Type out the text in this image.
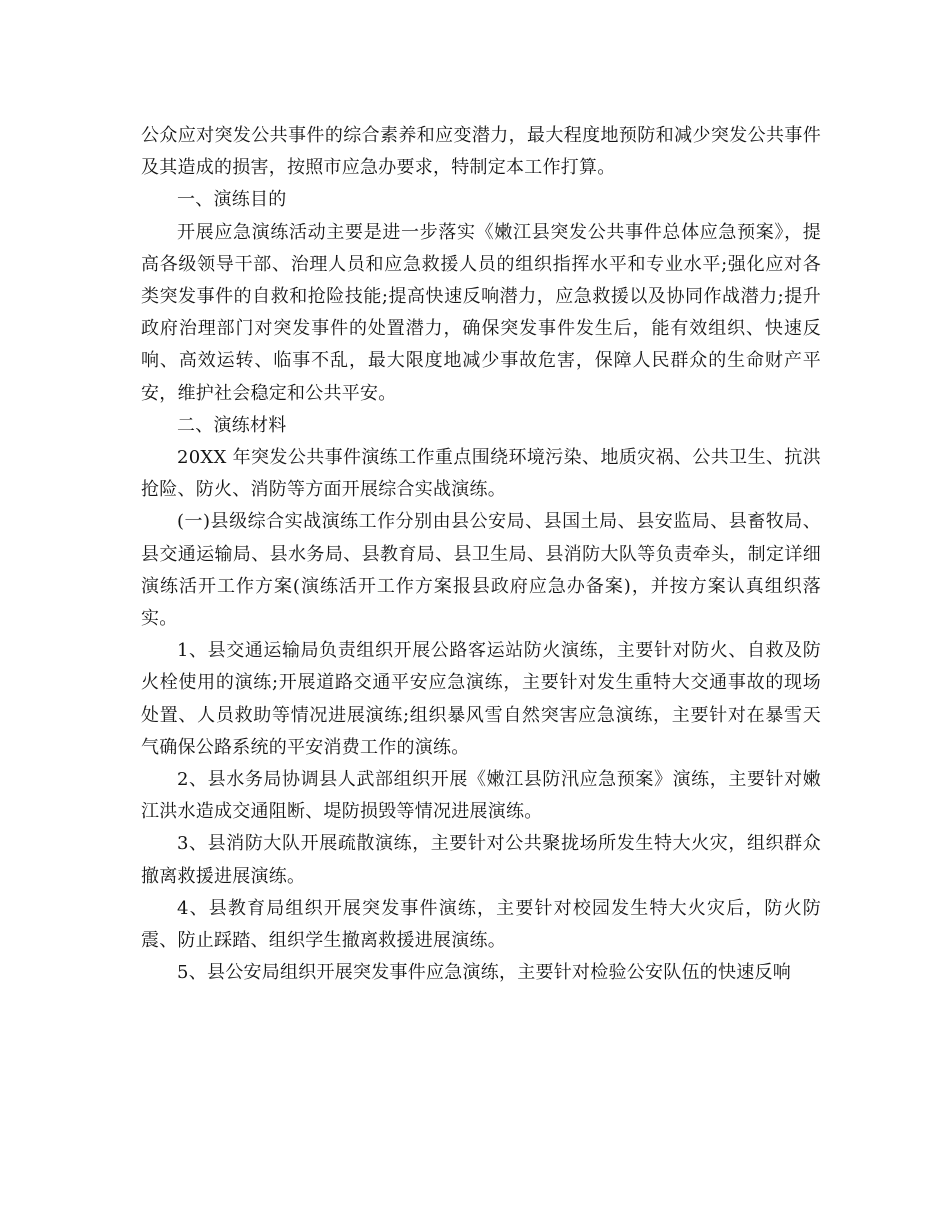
公众应对突发公共事件的综合素养和应变潜力，最大程度地预防和减少突发公共事件及其造成的损害，按照市应急办要求，特制定本工作打算。

一、演练目的

开展应急演练活动主要是进一步落实《嫩江县突发公共事件总体应急预案》，提高各级领导干部、治理人员和应急救援人员的组织指挥水平和专业水平;强化应对各类突发事件的自救和抢险技能;提高快速反响潜力，应急救援以及协同作战潜力;提升政府治理部门对突发事件的处置潜力，确保突发事件发生后，能有效组织、快速反响、高效运转、临事不乱，最大限度地减少事故危害，保障人民群众的生命财产平安，维护社会稳定和公共平安。

二、演练材料

20XX 年突发公共事件演练工作重点围绕环境污染、地质灾祸、公共卫生、抗洪抢险、防火、消防等方面开展综合实战演练。

(一)县级综合实战演练工作分别由县公安局、县国土局、县安监局、县畜牧局、县交通运输局、县水务局、县教育局、县卫生局、县消防大队等负责牵头，制定详细演练活开工作方案(演练活开工作方案报县政府应急办备案)，并按方案认真组织落实。

1、县交通运输局负责组织开展公路客运站防火演练，主要针对防火、自救及防火栓使用的演练;开展道路交通平安应急演练，主要针对发生重特大交通事故的现场处置、人员救助等情况进展演练;组织暴风雪自然突害应急演练，主要针对在暴雪天气确保公路系统的平安消费工作的演练。

2、县水务局协调县人武部组织开展《嫩江县防汛应急预案》演练，主要针对嫩江洪水造成交通阻断、堤防损毁等情况进展演练。

3、县消防大队开展疏散演练，主要针对公共聚拢场所发生特大火灾，组织群众撤离救援进展演练。

4、县教育局组织开展突发事件演练，主要针对校园发生特大火灾后，防火防震、防止踩踏、组织学生撤离救援进展演练。

5、县公安局组织开展突发事件应急演练，主要针对检验公安队伍的快速反响
